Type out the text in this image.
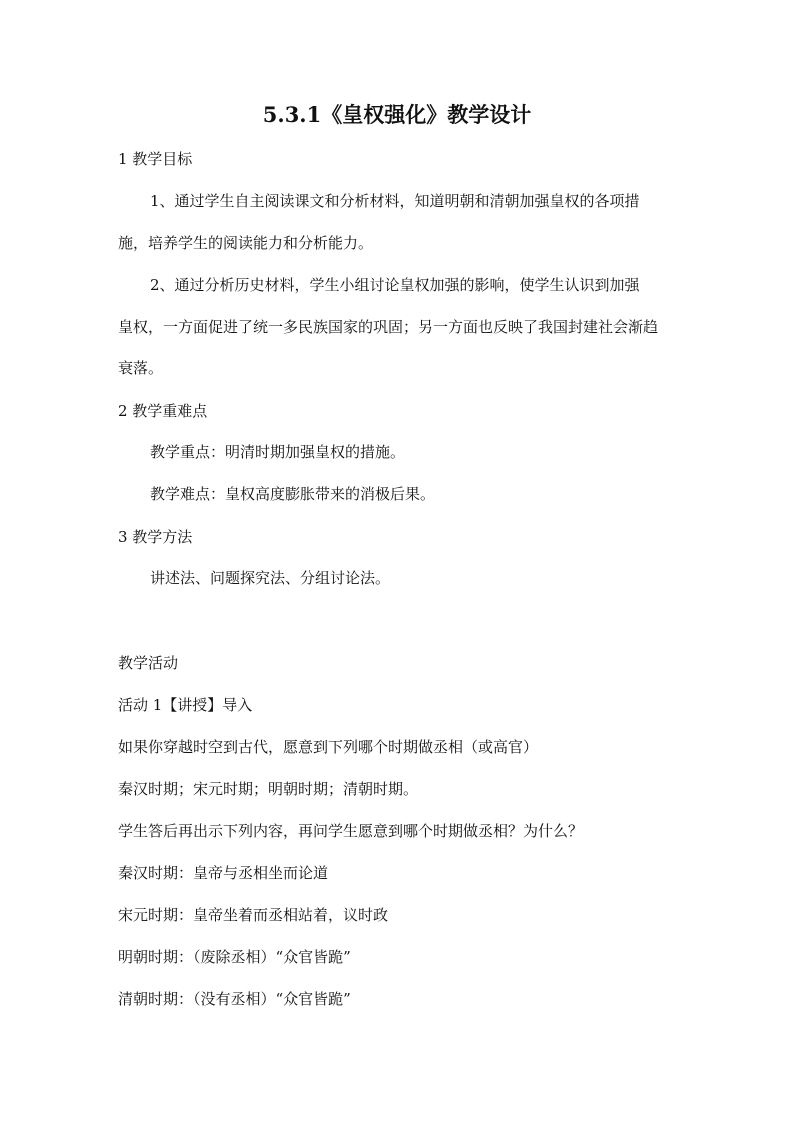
5.3.1《皇权强化》教学设计
1 教学目标
1、通过学生自主阅读课文和分析材料，知道明朝和清朝加强皇权的各项措
施，培养学生的阅读能力和分析能力。
2、通过分析历史材料，学生小组讨论皇权加强的影响，使学生认识到加强
皇权，一方面促进了统一多民族国家的巩固；另一方面也反映了我国封建社会渐趋
衰落。
2 教学重难点
教学重点：明清时期加强皇权的措施。
教学难点：皇权高度膨胀带来的消极后果。
3 教学方法
讲述法、问题探究法、分组讨论法。
教学活动
活动 1【讲授】导入
如果你穿越时空到古代，愿意到下列哪个时期做丞相（或高官）
秦汉时期；宋元时期；明朝时期；清朝时期。
学生答后再出示下列内容，再问学生愿意到哪个时期做丞相？为什么？
秦汉时期：皇帝与丞相坐而论道
宋元时期：皇帝坐着而丞相站着，议时政
明朝时期：（废除丞相）“众官皆跪”
清朝时期：（没有丞相）“众官皆跪”
